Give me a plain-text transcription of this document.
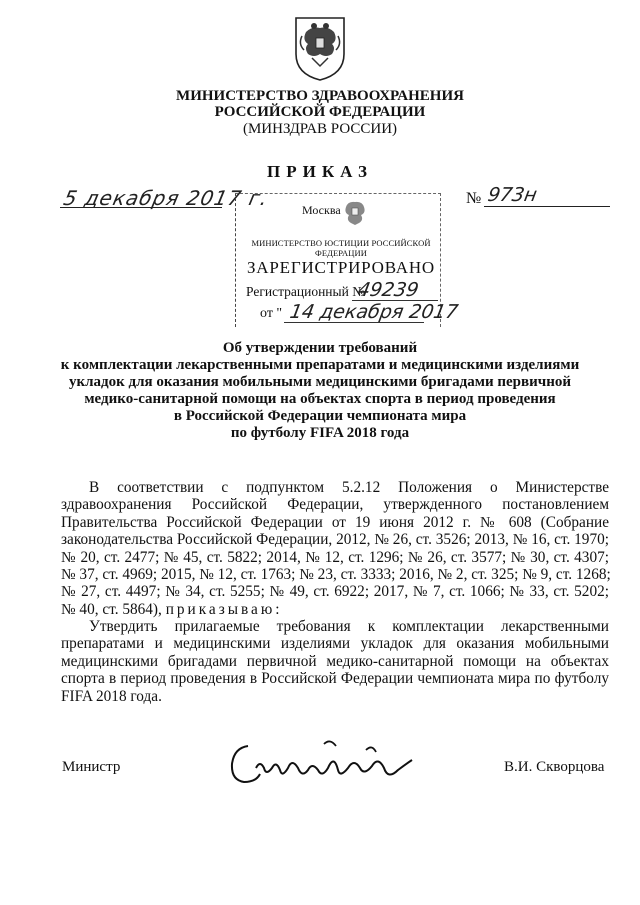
МИНИСТЕРСТВО ЗДРАВООХРАНЕНИЯ
РОССИЙСКОЙ ФЕДЕРАЦИИ
(МИНЗДРАВ РОССИИ)
ПРИКАЗ
5 декабря 2017 г.	№ 973н
Москва
МИНИСТЕРСТВО ЮСТИЦИИ РОССИЙСКОЙ ФЕДЕРАЦИИ
ЗАРЕГИСТРИРОВАНО
Регистрационный №
49239
от " 14 декабря 2017
Об утверждении требований
к комплектации лекарственными препаратами и медицинскими изделиями
укладок для оказания мобильными медицинскими бригадами первичной
медико-санитарной помощи на объектах спорта в период проведения
в Российской Федерации чемпионата мира
по футболу FIFA 2018 года
В соответствии с подпунктом 5.2.12 Положения о Министерстве
здравоохранения Российской Федерации, утвержденного постановлением
Правительства Российской Федерации от 19 июня 2012 г. № 608 (Собрание
законодательства Российской Федерации, 2012, № 26, ст. 3526; 2013, № 16, ст. 1970;
№ 20, ст. 2477; № 45, ст. 5822; 2014, № 12, ст. 1296; № 26, ст. 3577; № 30, ст. 4307;
№ 37, ст. 4969; 2015, № 12, ст. 1763; № 23, ст. 3333; 2016, № 2, ст. 325; № 9, ст. 1268;
№ 27, ст. 4497; № 34, ст. 5255; № 49, ст. 6922; 2017, № 7, ст. 1066; № 33, ст. 5202;
№ 40, ст. 5864), приказываю:
Утвердить прилагаемые требования к комплектации лекарственными
препаратами и медицинскими изделиями укладок для оказания мобильными
медицинскими бригадами первичной медико-санитарной помощи на объектах
спорта в период проведения в Российской Федерации чемпионата мира по футболу
FIFA 2018 года.
Министр	В.И. Скворцова
